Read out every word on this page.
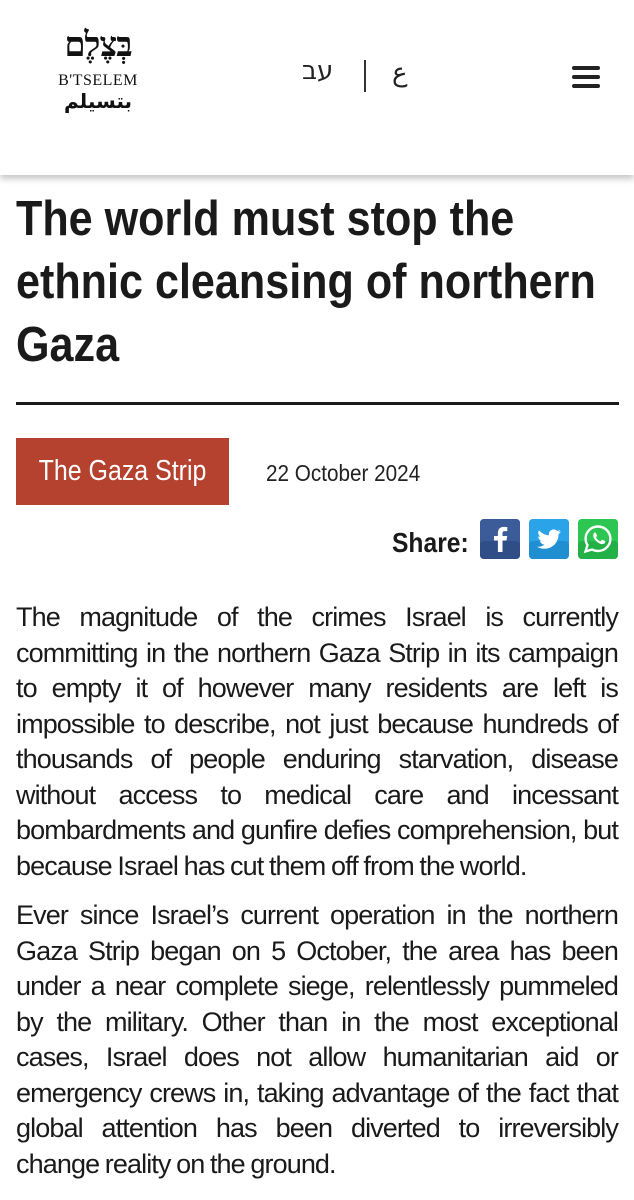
בְּצֶלֶם
B'TSELEM
بتسيلم
עב ع
The world must stop the ethnic cleansing of northern Gaza
The Gaza Strip	22 October 2024
Share:

The magnitude of the crimes Israel is currently committing in the northern Gaza Strip in its campaign to empty it of however many residents are left is impossible to describe, not just because hundreds of thousands of people enduring starvation, disease without access to medical care and incessant bombardments and gunfire defies comprehension, but because Israel has cut them off from the world.

Ever since Israel’s current operation in the northern Gaza Strip began on 5 October, the area has been under a near complete siege, relentlessly pummeled by the military. Other than in the most exceptional cases, Israel does not allow humanitarian aid or emergency crews in, taking advantage of the fact that global attention has been diverted to irreversibly change reality on the ground.
